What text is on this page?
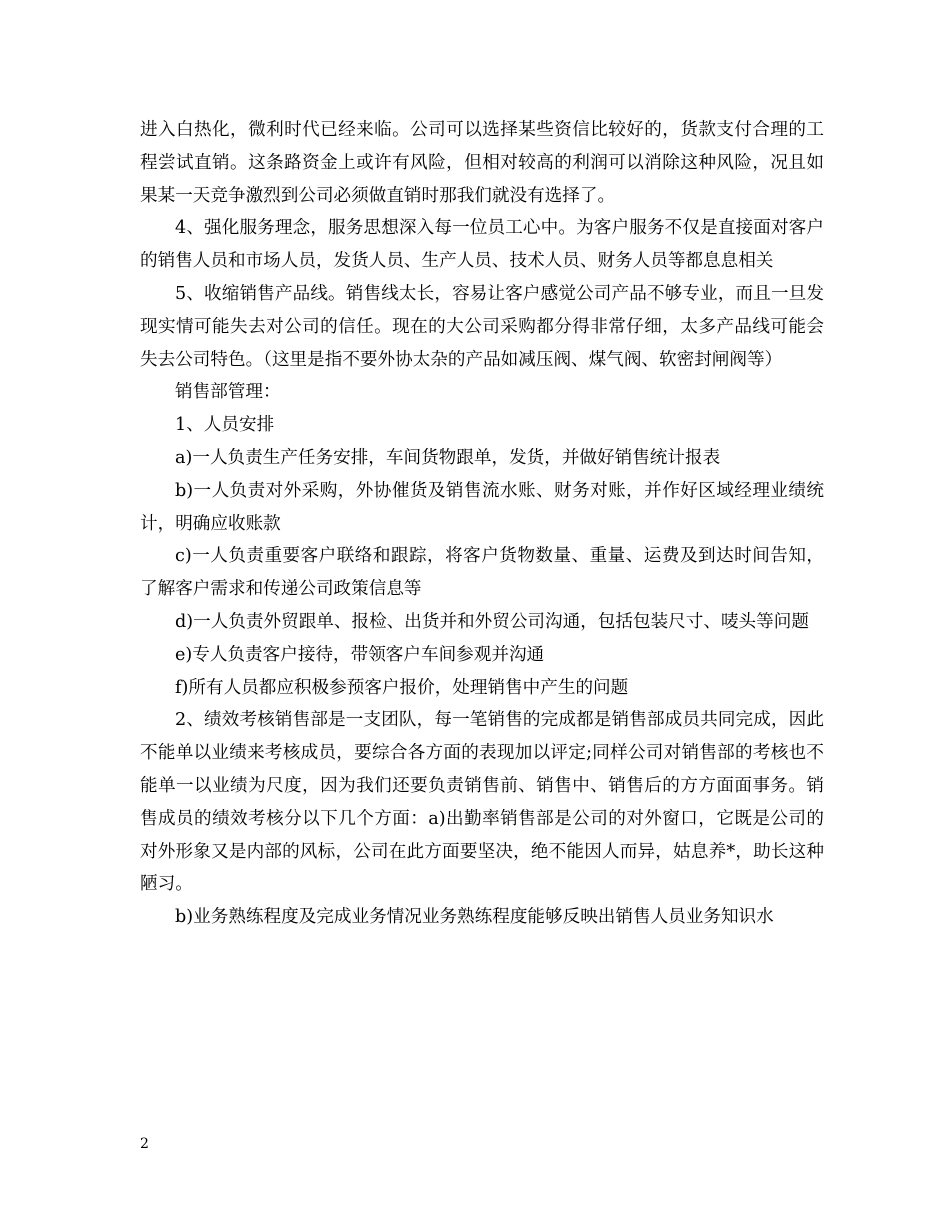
进入白热化，微利时代已经来临。公司可以选择某些资信比较好的，货款支付合理的工程尝试直销。这条路资金上或许有风险，但相对较高的利润可以消除这种风险，况且如果某一天竞争激烈到公司必须做直销时那我们就没有选择了。

4、强化服务理念，服务思想深入每一位员工心中。为客户服务不仅是直接面对客户的销售人员和市场人员，发货人员、生产人员、技术人员、财务人员等都息息相关

5、收缩销售产品线。销售线太长，容易让客户感觉公司产品不够专业，而且一旦发现实情可能失去对公司的信任。现在的大公司采购都分得非常仔细，太多产品线可能会失去公司特色。（这里是指不要外协太杂的产品如减压阀、煤气阀、软密封闸阀等）

销售部管理：

1、人员安排

a)一人负责生产任务安排，车间货物跟单，发货，并做好销售统计报表

b)一人负责对外采购，外协催货及销售流水账、财务对账，并作好区域经理业绩统计，明确应收账款

c)一人负责重要客户联络和跟踪，将客户货物数量、重量、运费及到达时间告知，了解客户需求和传递公司政策信息等

d)一人负责外贸跟单、报检、出货并和外贸公司沟通，包括包装尺寸、唛头等问题

e)专人负责客户接待，带领客户车间参观并沟通

f)所有人员都应积极参预客户报价，处理销售中产生的问题

2、绩效考核销售部是一支团队，每一笔销售的完成都是销售部成员共同完成，因此不能单以业绩来考核成员，要综合各方面的表现加以评定;同样公司对销售部的考核也不能单一以业绩为尺度，因为我们还要负责销售前、销售中、销售后的方方面面事务。销售成员的绩效考核分以下几个方面：a)出勤率销售部是公司的对外窗口，它既是公司的对外形象又是内部的风标，公司在此方面要坚决，绝不能因人而异，姑息养*，助长这种陋习。

b)业务熟练程度及完成业务情况业务熟练程度能够反映出销售人员业务知识水

2
